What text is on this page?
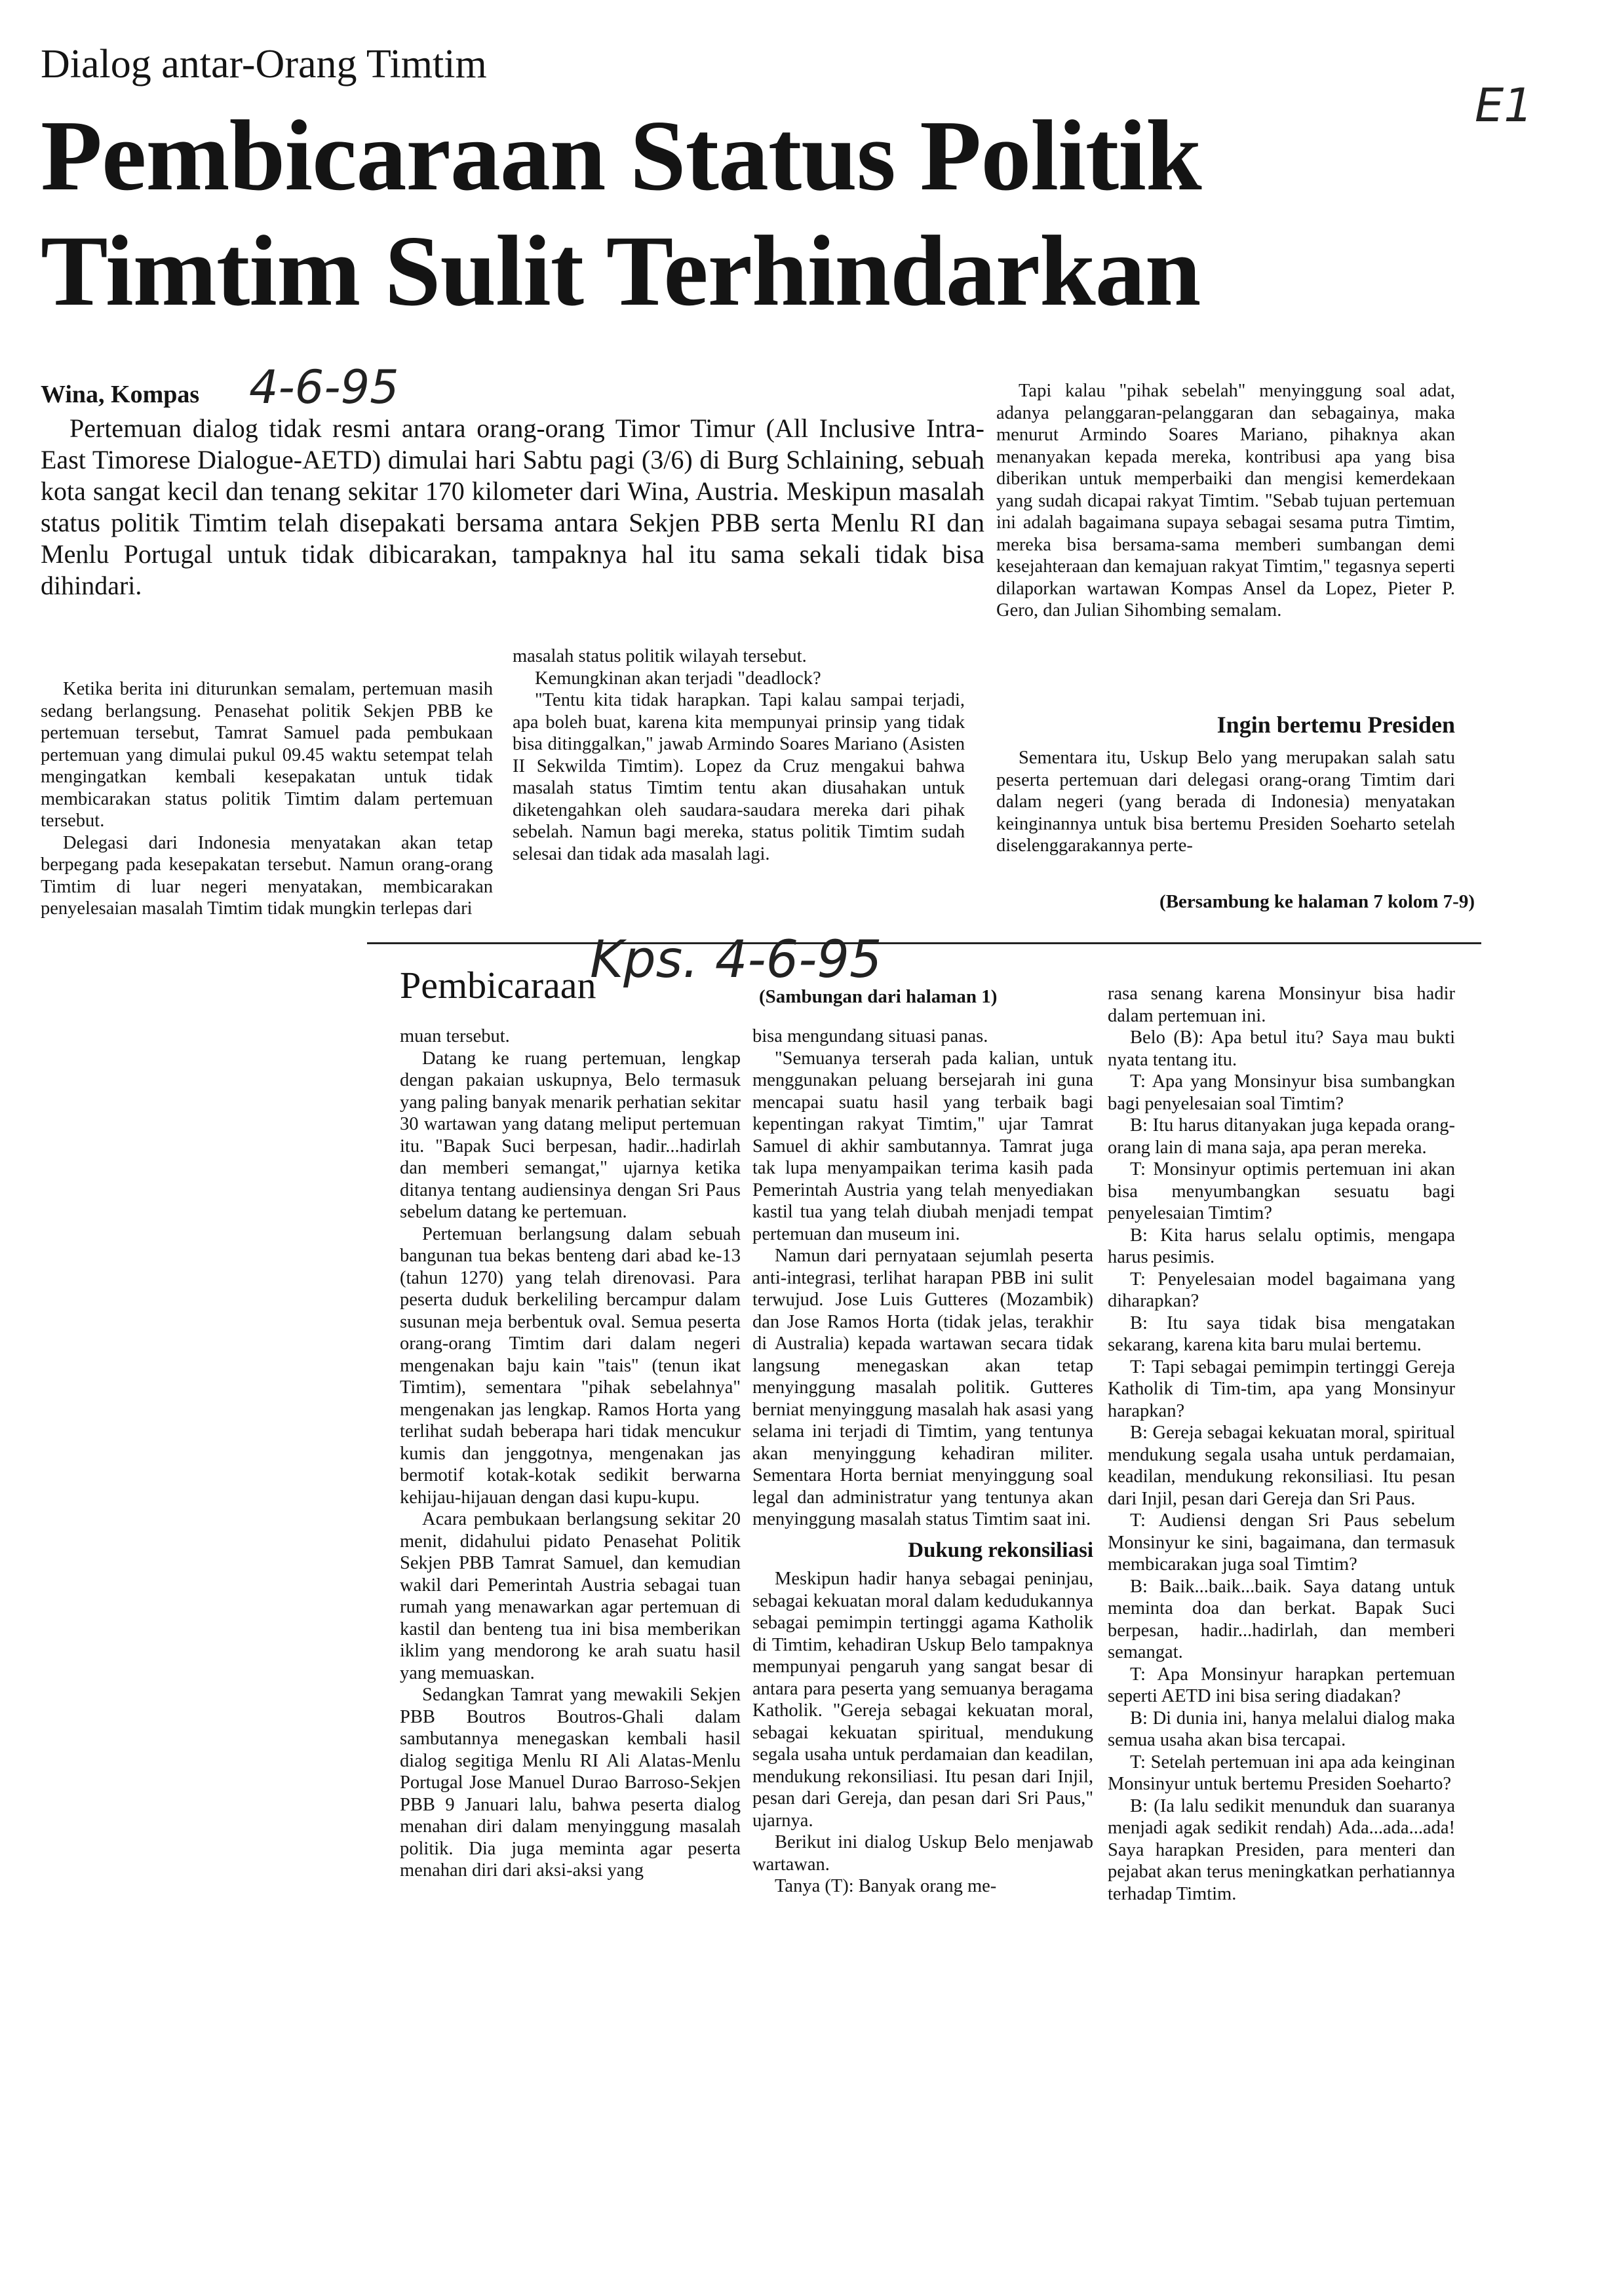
Dialog antar-Orang Timtim
Pembicaraan Status Politik Timtim Sulit Terhindarkan
E1
Wina, Kompas 4-6-95
Pertemuan dialog tidak resmi antara orang-orang Timor Timur (All Inclusive Intra-East Timorese Dialogue-AETD) dimulai hari Sabtu pagi (3/6) di Burg Schlaining, sebuah kota sangat kecil dan tenang sekitar 170 kilometer dari Wina, Austria. Meskipun masalah status politik Timtim telah disepakati bersama antara Sekjen PBB serta Menlu RI dan Menlu Portugal untuk tidak dibicarakan, tampaknya hal itu sama sekali tidak bisa dihindari.

Ketika berita ini diturunkan semalam, pertemuan masih sedang berlangsung. Penasehat politik Sekjen PBB ke pertemuan tersebut, Tamrat Samuel pada pembukaan pertemuan yang dimulai pukul 09.45 waktu setempat telah mengingatkan kembali kesepakatan untuk tidak membicarakan status politik Timtim dalam pertemuan tersebut.

Delegasi dari Indonesia menyatakan akan tetap berpegang pada kesepakatan tersebut. Namun orang-orang Timtim di luar negeri menyatakan, membicarakan penyelesaian masalah Timtim tidak mungkin terlepas dari

masalah status politik wilayah tersebut.

Kemungkinan akan terjadi "deadlock?

"Tentu kita tidak harapkan. Tapi kalau sampai terjadi, apa boleh buat, karena kita mempunyai prinsip yang tidak bisa ditinggalkan," jawab Armindo Soares Mariano (Asisten II Sekwilda Timtim). Lopez da Cruz mengakui bahwa masalah status Timtim tentu akan diusahakan untuk diketengahkan oleh saudara-saudara mereka dari pihak sebelah. Namun bagi mereka, status politik Timtim sudah selesai dan tidak ada masalah lagi.

Tapi kalau "pihak sebelah" menyinggung soal adat, adanya pelanggaran-pelanggaran dan sebagainya, maka menurut Armindo Soares Mariano, pihaknya akan menanyakan kepada mereka, kontribusi apa yang bisa diberikan untuk memperbaiki dan mengisi kemerdekaan yang sudah dicapai rakyat Timtim. "Sebab tujuan pertemuan ini adalah bagaimana supaya sebagai sesama putra Timtim, mereka bisa bersama-sama memberi sumbangan demi kesejahteraan dan kemajuan rakyat Timtim," tegasnya seperti dilaporkan wartawan Kompas Ansel da Lopez, Pieter P. Gero, dan Julian Sihombing semalam.

Ingin bertemu Presiden

Sementara itu, Uskup Belo yang merupakan salah satu peserta pertemuan dari delegasi orang-orang Timtim dari dalam negeri (yang berada di Indonesia) menyatakan keinginannya untuk bisa bertemu Presiden Soeharto setelah diselenggarakannya perte-

(Bersambung ke halaman 7 kolom 7-9)
Pembicaraan
Kps. 4-6-95
(Sambungan dari halaman 1)

muan tersebut.

Datang ke ruang pertemuan, lengkap dengan pakaian uskupnya, Belo termasuk yang paling banyak menarik perhatian sekitar 30 wartawan yang datang meliput pertemuan itu. "Bapak Suci berpesan, hadir...hadirlah dan memberi semangat," ujarnya ketika ditanya tentang audiensinya dengan Sri Paus sebelum datang ke pertemuan.

Pertemuan berlangsung dalam sebuah bangunan tua bekas benteng dari abad ke-13 (tahun 1270) yang telah direnovasi. Para peserta duduk berkeliling bercampur dalam susunan meja berbentuk oval. Semua peserta orang-orang Timtim dari dalam negeri mengenakan baju kain "tais" (tenun ikat Timtim), sementara "pihak sebelahnya" mengenakan jas lengkap. Ramos Horta yang terlihat sudah beberapa hari tidak mencukur kumis dan jenggotnya, mengenakan jas bermotif kotak-kotak sedikit berwarna kehijau-hijauan dengan dasi kupu-kupu.

Acara pembukaan berlangsung sekitar 20 menit, didahului pidato Penasehat Politik Sekjen PBB Tamrat Samuel, dan kemudian wakil dari Pemerintah Austria sebagai tuan rumah yang menawarkan agar pertemuan di kastil dan benteng tua ini bisa memberikan iklim yang mendorong ke arah suatu hasil yang memuaskan.

Sedangkan Tamrat yang mewakili Sekjen PBB Boutros Boutros-Ghali dalam sambutannya menegaskan kembali hasil dialog segitiga Menlu RI Ali Alatas-Menlu Portugal Jose Manuel Durao Barroso-Sekjen PBB 9 Januari lalu, bahwa peserta dialog menahan diri dalam menyinggung masalah politik. Dia juga meminta agar peserta menahan diri dari aksi-aksi yang

bisa mengundang situasi panas.

"Semuanya terserah pada kalian, untuk menggunakan peluang bersejarah ini guna mencapai suatu hasil yang terbaik bagi kepentingan rakyat Timtim," ujar Tamrat Samuel di akhir sambutannya. Tamrat juga tak lupa menyampaikan terima kasih pada Pemerintah Austria yang telah menyediakan kastil tua yang telah diubah menjadi tempat pertemuan dan museum ini.

Namun dari pernyataan sejumlah peserta anti-integrasi, terlihat harapan PBB ini sulit terwujud. Jose Luis Gutteres (Mozambik) dan Jose Ramos Horta (tidak jelas, terakhir di Australia) kepada wartawan secara tidak langsung menegaskan akan tetap menyinggung masalah politik. Gutteres berniat menyinggung masalah hak asasi yang selama ini terjadi di Timtim, yang tentunya akan menyinggung kehadiran militer. Sementara Horta berniat menyinggung soal legal dan administratur yang tentunya akan menyinggung masalah status Timtim saat ini.

Dukung rekonsiliasi

Meskipun hadir hanya sebagai peninjau, sebagai kekuatan moral dalam kedudukannya sebagai pemimpin tertinggi agama Katholik di Timtim, kehadiran Uskup Belo tampaknya mempunyai pengaruh yang sangat besar di antara para peserta yang semuanya beragama Katholik. "Gereja sebagai kekuatan moral, sebagai kekuatan spiritual, mendukung segala usaha untuk perdamaian dan keadilan, mendukung rekonsiliasi. Itu pesan dari Injil, pesan dari Gereja, dan pesan dari Sri Paus," ujarnya.

Berikut ini dialog Uskup Belo menjawab wartawan.

Tanya (T): Banyak orang me-

rasa senang karena Monsinyur bisa hadir dalam pertemuan ini.

Belo (B): Apa betul itu? Saya mau bukti nyata tentang itu.

T: Apa yang Monsinyur bisa sumbangkan bagi penyelesaian soal Timtim?

B: Itu harus ditanyakan juga kepada orang-orang lain di mana saja, apa peran mereka.

T: Monsinyur optimis pertemuan ini akan bisa menyumbangkan sesuatu bagi penyelesaian Timtim?

B: Kita harus selalu optimis, mengapa harus pesimis.

T: Penyelesaian model bagaimana yang diharapkan?

B: Itu saya tidak bisa mengatakan sekarang, karena kita baru mulai bertemu.

T: Tapi sebagai pemimpin tertinggi Gereja Katholik di Tim-tim, apa yang Monsinyur harapkan?

B: Gereja sebagai kekuatan moral, spiritual mendukung segala usaha untuk perdamaian, keadilan, mendukung rekonsiliasi. Itu pesan dari Injil, pesan dari Gereja dan Sri Paus.

T: Audiensi dengan Sri Paus sebelum Monsinyur ke sini, bagaimana, dan termasuk membicarakan juga soal Timtim?

B: Baik...baik...baik. Saya datang untuk meminta doa dan berkat. Bapak Suci berpesan, hadir...hadirlah, dan memberi semangat.

T: Apa Monsinyur harapkan pertemuan seperti AETD ini bisa sering diadakan?

B: Di dunia ini, hanya melalui dialog maka semua usaha akan bisa tercapai.

T: Setelah pertemuan ini apa ada keinginan Monsinyur untuk bertemu Presiden Soeharto?

B: (Ia lalu sedikit menunduk dan suaranya menjadi agak sedikit rendah) Ada...ada...ada! Saya harapkan Presiden, para menteri dan pejabat akan terus meningkatkan perhatiannya terhadap Timtim.
